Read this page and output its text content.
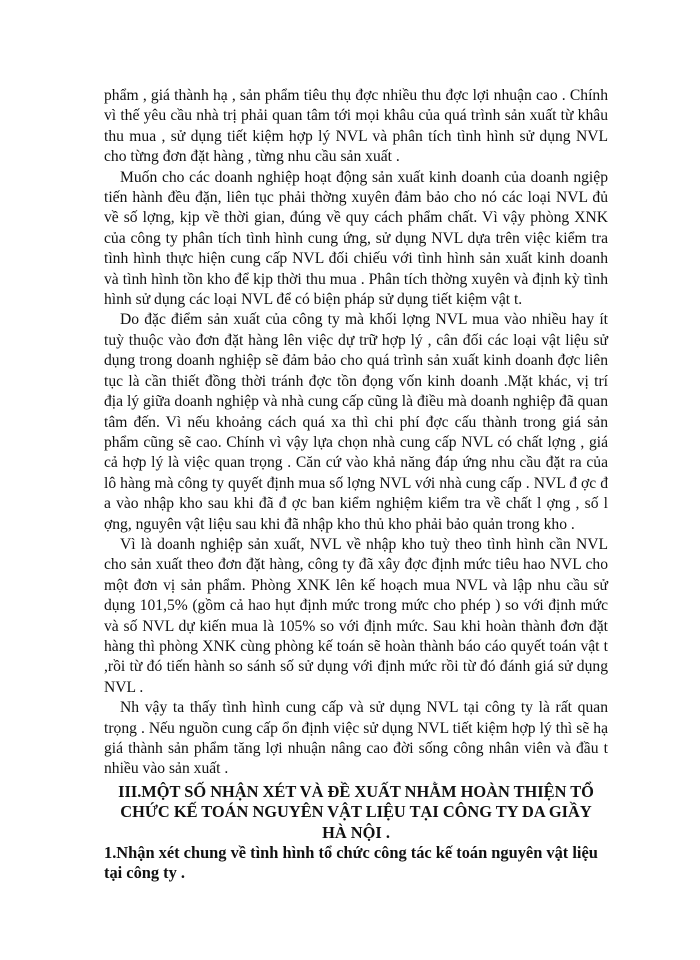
phẩm , giá thành hạ , sản phẩm tiêu thụ đợc nhiều thu đợc lợi nhuận cao . Chính vì thế yêu cầu nhà trị phải quan tâm tới mọi khâu của quá trình sản xuất từ khâu thu mua , sử dụng tiết kiệm hợp lý NVL và phân tích tình hình sử dụng NVL cho từng đơn đặt hàng , từng nhu cầu sản xuất .

Muốn cho các doanh nghiệp hoạt động sản xuất kinh doanh của doanh ngiệp tiến hành đều đặn, liên tục phải thờng xuyên đảm bảo cho nó các loại NVL đủ về số lợng, kịp về thời gian, đúng về quy cách phẩm chất. Vì vậy phòng XNK của công ty phân tích tình hình cung ứng, sử dụng NVL dựa trên việc kiểm tra tình hình thực hiện cung cấp NVL đối chiếu với tình hình sản xuất kinh doanh và tình hình tồn kho để kịp thời thu mua . Phân tích thờng xuyên và định kỳ tình hình sử dụng các loại NVL để có biện pháp sử dụng tiết kiệm vật t.

Do đặc điểm sản xuất của công ty mà khối lợng NVL mua vào nhiều hay ít tuỳ thuộc vào đơn đặt hàng lên việc dự trữ hợp lý , cân đối các loại vật liệu sử dụng trong doanh nghiệp sẽ đảm bảo cho quá trình sản xuất kinh doanh đợc liên tục là cần thiết đồng thời tránh đợc tồn đọng vốn kinh doanh .Mặt khác, vị trí địa lý giữa doanh nghiệp và nhà cung cấp cũng là điều mà doanh nghiệp đã quan tâm đến. Vì nếu khoảng cách quá xa thì chi phí đợc cấu thành trong giá sản phẩm cũng sẽ cao. Chính vì vậy lựa chọn nhà cung cấp NVL có chất lợng , giá cả hợp lý là việc quan trọng . Căn cứ vào khả năng đáp ứng nhu cầu đặt ra của lô hàng mà công ty quyết định mua số lợng NVL với nhà cung cấp . NVL đ ợc đ a vào nhập kho sau khi đã đ ợc ban kiểm nghiệm kiểm tra về chất l ợng , số l ợng, nguyên vật liệu sau khi đã nhập kho thủ kho phải bảo quản trong kho .

Vì là doanh nghiệp sản xuất, NVL về nhập kho tuỳ theo tình hình cần NVL cho sản xuất theo đơn đặt hàng, công ty đã xây đợc định mức tiêu hao NVL cho một đơn vị sản phẩm. Phòng XNK lên kế hoạch mua NVL và lập nhu cầu sử dụng 101,5% (gồm cả hao hụt định mức trong mức cho phép ) so với định mức và số NVL dự kiến mua là 105% so với định mức. Sau khi hoàn thành đơn đặt hàng thì phòng XNK cùng phòng kế toán sẽ hoàn thành báo cáo quyết toán vật t ,rồi từ đó tiến hành so sánh số sử dụng với định mức rồi từ đó đánh giá sử dụng NVL .

Nh vậy ta thấy tình hình cung cấp và sử dụng NVL tại công ty là rất quan trọng . Nếu nguồn cung cấp ổn định việc sử dụng NVL tiết kiệm hợp lý thì sẽ hạ giá thành sản phẩm tăng lợi nhuận nâng cao đời sống công nhân viên và đầu t nhiều vào sản xuất .

III.MỘT SỐ NHẬN XÉT VÀ ĐỀ XUẤT NHẰM HOÀN THIỆN TỔ CHỨC KẾ TOÁN NGUYÊN VẬT LIỆU TẠI CÔNG TY DA GIẦY HÀ NỘI .
1.Nhận xét chung về tình hình tổ chức công tác kế toán nguyên vật liệu tại công ty .
